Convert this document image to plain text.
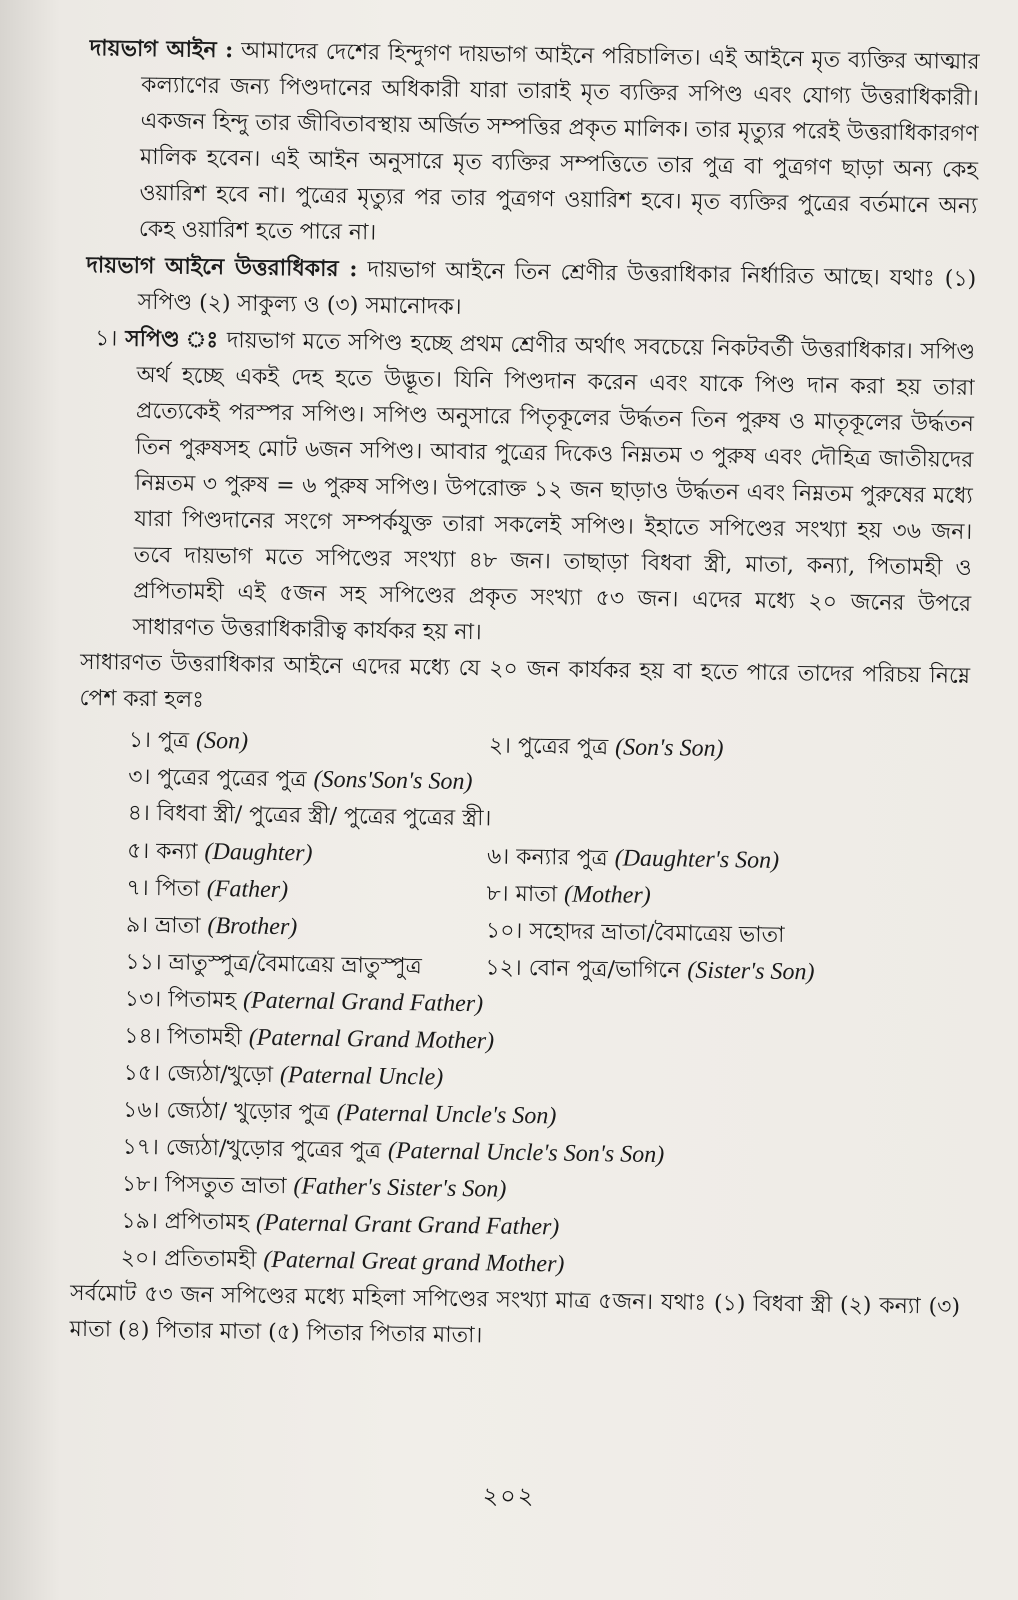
দায়ভাগ আইন : আমাদের দেশের হিন্দুগণ দায়ভাগ আইনে পরিচালিত। এই আইনে মৃত ব্যক্তির আত্মার কল্যাণের জন্য পিণ্ডদানের অধিকারী যারা তারাই মৃত ব্যক্তির সপিণ্ড এবং যোগ্য উত্তরাধিকারী। একজন হিন্দু তার জীবিতাবস্থায় অর্জিত সম্পত্তির প্রকৃত মালিক। তার মৃত্যুর পরেই উত্তরাধিকারগণ মালিক হবেন। এই আইন অনুসারে মৃত ব্যক্তির সম্পত্তিতে তার পুত্র বা পুত্রগণ ছাড়া অন্য কেহ ওয়ারিশ হবে না। পুত্রের মৃত্যুর পর তার পুত্রগণ ওয়ারিশ হবে। মৃত ব্যক্তির পুত্রের বর্তমানে অন্য কেহ ওয়ারিশ হতে পারে না।

দায়ভাগ আইনে উত্তরাধিকার : দায়ভাগ আইনে তিন শ্রেণীর উত্তরাধিকার নির্ধারিত আছে। যথাঃ (১) সপিণ্ড (২) সাকুল্য ও (৩) সমানোদক।

১। সপিণ্ড ঃ দায়ভাগ মতে সপিণ্ড হচ্ছে প্রথম শ্রেণীর অর্থাৎ সবচেয়ে নিকটবর্তী উত্তরাধিকার। সপিণ্ড অর্থ হচ্ছে একই দেহ হতে উদ্ভূত। যিনি পিণ্ডদান করেন এবং যাকে পিণ্ড দান করা হয় তারা প্রত্যেকেই পরস্পর সপিণ্ড। সপিণ্ড অনুসারে পিতৃকূলের উর্দ্ধতন তিন পুরুষ ও মাতৃকূলের উর্দ্ধতন তিন পুরুষসহ মোট ৬জন সপিণ্ড। আবার পুত্রের দিকেও নিম্নতম ৩ পুরুষ এবং দৌহিত্র জাতীয়দের নিম্নতম ৩ পুরুষ = ৬ পুরুষ সপিণ্ড। উপরোক্ত ১২ জন ছাড়াও উর্দ্ধতন এবং নিম্নতম পুরুষের মধ্যে যারা পিণ্ডদানের সংগে সম্পর্কযুক্ত তারা সকলেই সপিণ্ড। ইহাতে সপিণ্ডের সংখ্যা হয় ৩৬ জন। তবে দায়ভাগ মতে সপিণ্ডের সংখ্যা ৪৮ জন। তাছাড়া বিধবা স্ত্রী, মাতা, কন্যা, পিতামহী ও প্রপিতামহী এই ৫জন সহ সপিণ্ডের প্রকৃত সংখ্যা ৫৩ জন। এদের মধ্যে ২০ জনের উপরে সাধারণত উত্তরাধিকারীত্ব কার্যকর হয় না।

সাধারণত উত্তরাধিকার আইনে এদের মধ্যে যে ২০ জন কার্যকর হয় বা হতে পারে তাদের পরিচয় নিম্নে পেশ করা হলঃ

১। পুত্র (Son)	২। পুত্রের পুত্র (Son's Son)
৩। পুত্রের পুত্রের পুত্র (Sons'Son's Son)
৪। বিধবা স্ত্রী/ পুত্রের স্ত্রী/ পুত্রের পুত্রের স্ত্রী।
৫। কন্যা (Daughter)	৬। কন্যার পুত্র (Daughter's Son)
৭। পিতা (Father)	৮। মাতা (Mother)
৯। ভ্রাতা (Brother)	১০। সহোদর ভ্রাতা/বৈমাত্রেয় ভাতা
১১। ভ্রাতুস্পুত্র/বৈমাত্রেয় ভ্রাতুস্পুত্র	১২। বোন পুত্র/ভাগিনে (Sister's Son)
১৩। পিতামহ (Paternal Grand Father)
১৪। পিতামহী (Paternal Grand Mother)
১৫। জ্যেঠা/খুড়ো (Paternal Uncle)
১৬। জ্যেঠা/ খুড়োর পুত্র (Paternal Uncle's Son)
১৭। জ্যেঠা/খুড়োর পুত্রের পুত্র (Paternal Uncle's Son's Son)
১৮। পিসতুত ভ্রাতা (Father's Sister's Son)
১৯। প্রপিতামহ (Paternal Grant Grand Father)
২০। প্রতিতামহী (Paternal Great grand Mother)

সর্বমোট ৫৩ জন সপিণ্ডের মধ্যে মহিলা সপিণ্ডের সংখ্যা মাত্র ৫জন। যথাঃ (১) বিধবা স্ত্রী (২) কন্যা (৩) মাতা (৪) পিতার মাতা (৫) পিতার পিতার মাতা।

২০২
